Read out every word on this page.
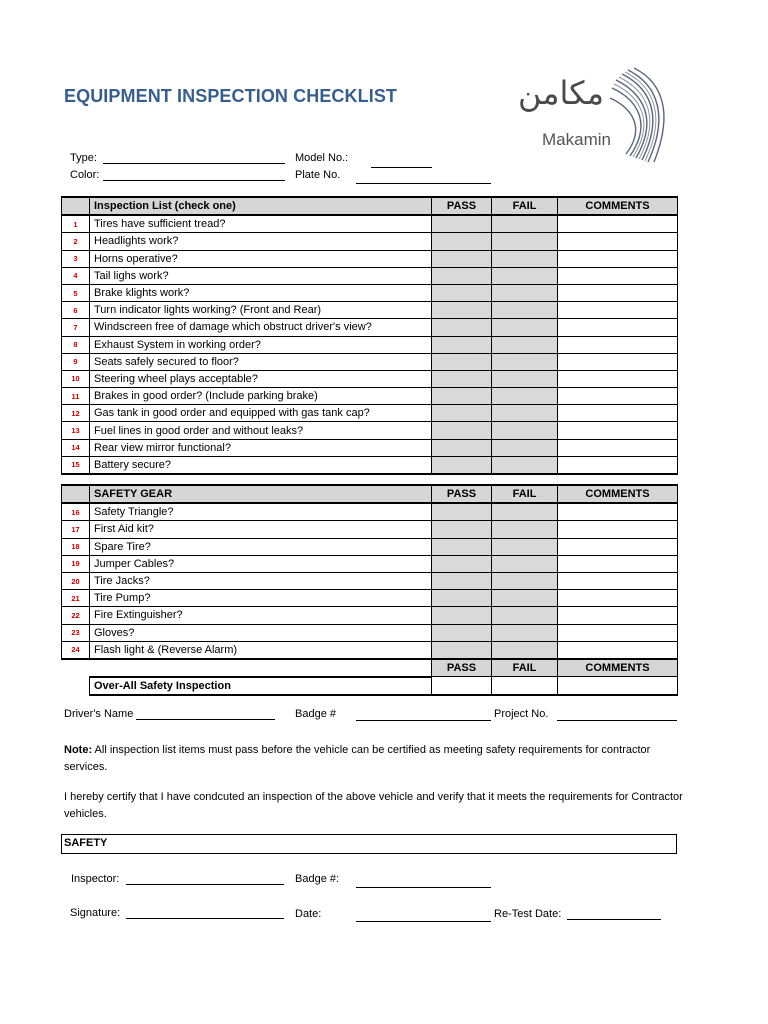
EQUIPMENT INSPECTION CHECKLIST	مكامن
Makamin
Type:
Color:
Model No.:
Plate No.
	Inspection List (check one)	PASS	FAIL	COMMENTS
1	Tires have sufficient tread?			
2	Headlights work?			
3	Horns operative?			
4	Tail lighs work?			
5	Brake klights work?			
6	Turn indicator lights working? (Front and Rear)			
7	Windscreen free of damage which obstruct driver's view?			
8	Exhaust System in working order?			
9	Seats safely secured to floor?			
10	Steering wheel plays acceptable?			
11	Brakes in good order? (Include parking brake)			
12	Gas tank in good order and equipped with gas tank cap?			
13	Fuel lines in good order and without leaks?			
14	Rear view mirror functional?			
15	Battery secure?			
	SAFETY GEAR	PASS	FAIL	COMMENTS
16	Safety Triangle?			
17	First Aid kit?			
18	Spare Tire?			
19	Jumper Cables?			
20	Tire Jacks?			
21	Tire Pump?			
22	Fire Extinguisher?			
23	Gloves?			
24	Flash light & (Reverse Alarm)			
	PASS	FAIL	COMMENTS
Over-All Safety Inspection			
Driver's Name	Badge #	Project No.
Note: All inspection list items must pass before the vehicle can be certified as meeting safety requirements for contractor services.
I hereby certify that I have condcuted an inspection of the above vehicle and verify that it meets the requirements for Contractor vehicles.
SAFETY
Inspector:	Badge #:
Signature:	Date:	Re-Test Date:
